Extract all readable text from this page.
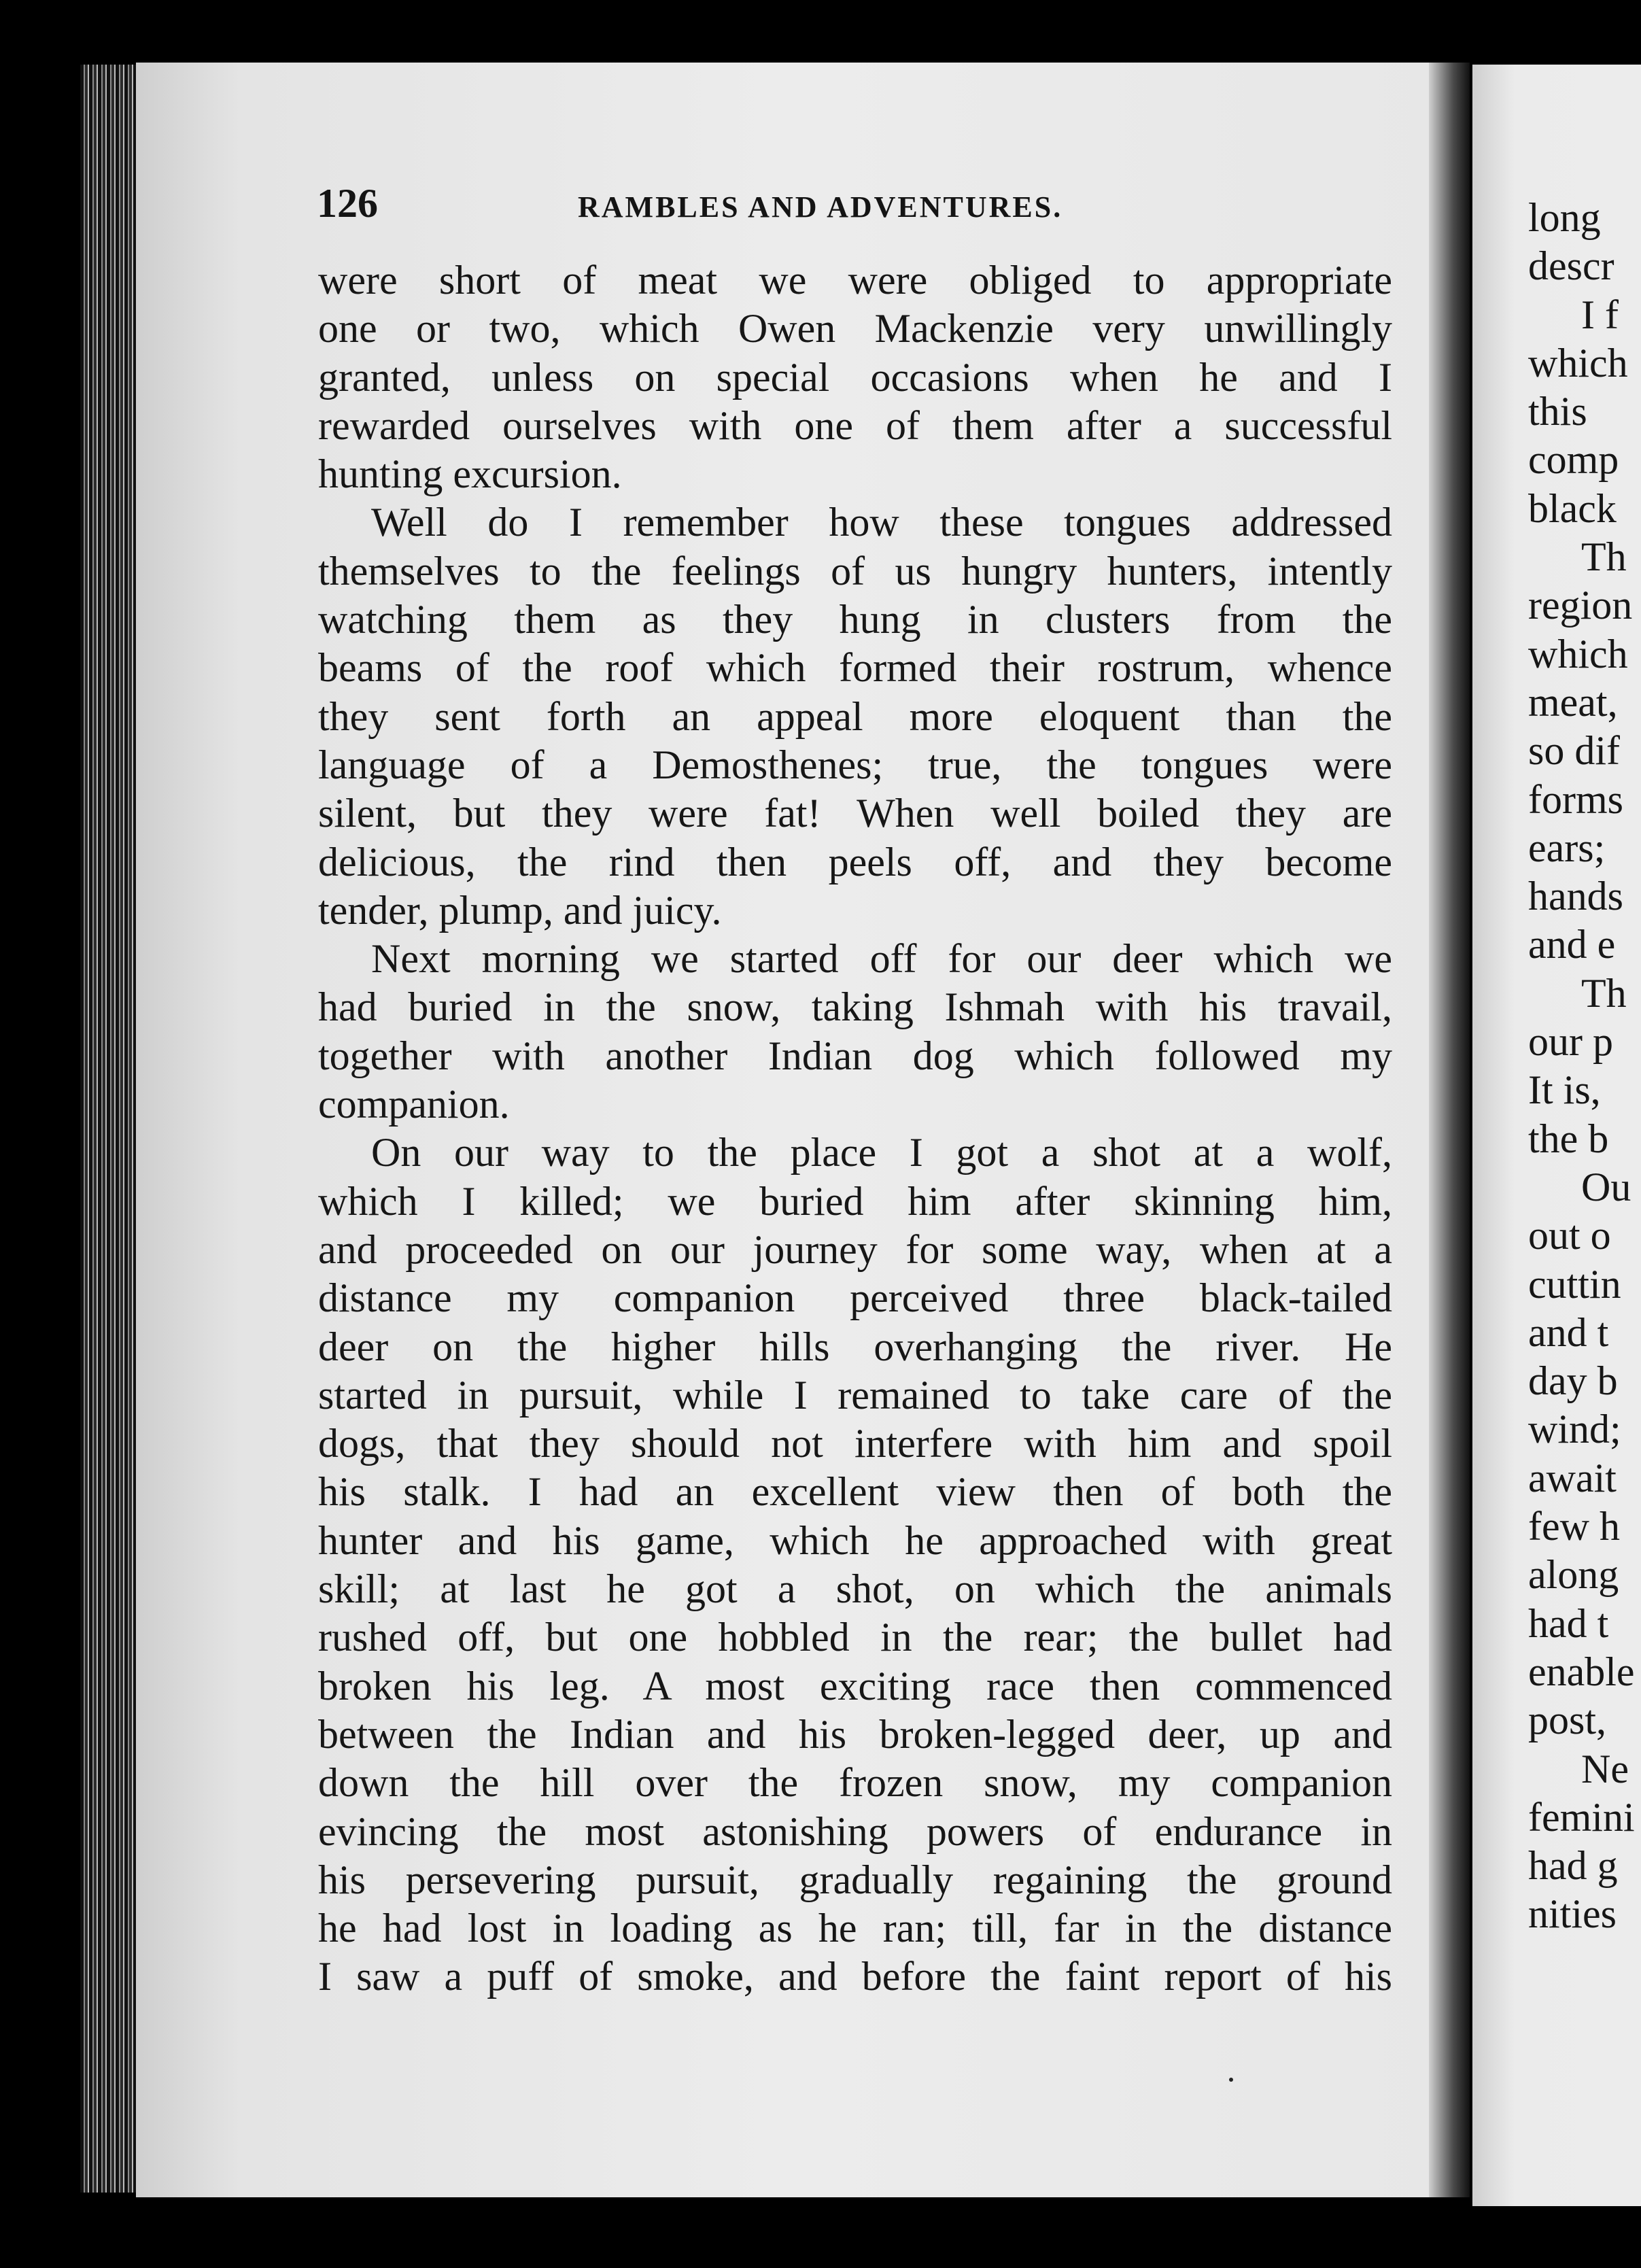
126	RAMBLES AND ADVENTURES.
were short of meat we were obliged to appropriate
one or two, which Owen Mackenzie very unwillingly
granted, unless on special occasions when he and I
rewarded ourselves with one of them after a successful
hunting excursion.
Well do I remember how these tongues addressed
themselves to the feelings of us hungry hunters, intently
watching them as they hung in clusters from the
beams of the roof which formed their rostrum, whence
they sent forth an appeal more eloquent than the
language of a Demosthenes; true, the tongues were
silent, but they were fat! When well boiled they are
delicious, the rind then peels off, and they become
tender, plump, and juicy.
Next morning we started off for our deer which we
had buried in the snow, taking Ishmah with his travail,
together with another Indian dog which followed my
companion.
On our way to the place I got a shot at a wolf,
which I killed; we buried him after skinning him,
and proceeded on our journey for some way, when at a
distance my companion perceived three black-tailed
deer on the higher hills overhanging the river. He
started in pursuit, while I remained to take care of the
dogs, that they should not interfere with him and spoil
his stalk. I had an excellent view then of both the
hunter and his game, which he approached with great
skill; at last he got a shot, on which the animals
rushed off, but one hobbled in the rear; the bullet had
broken his leg. A most exciting race then commenced
between the Indian and his broken-legged deer, up and
down the hill over the frozen snow, my companion
evincing the most astonishing powers of endurance in
his persevering pursuit, gradually regaining the ground
he had lost in loading as he ran; till, far in the distance
I saw a puff of smoke, and before the faint report of his
long
descr
I f
which
this
comp
black
Th
region
which
meat,
so dif
forms
ears;
hands
and e
Th
our p
It is,
the b
Ou
out o
cuttin
and t
day b
wind;
await
few h
along
had t
enable
post,
Ne
femini
had g
nities
